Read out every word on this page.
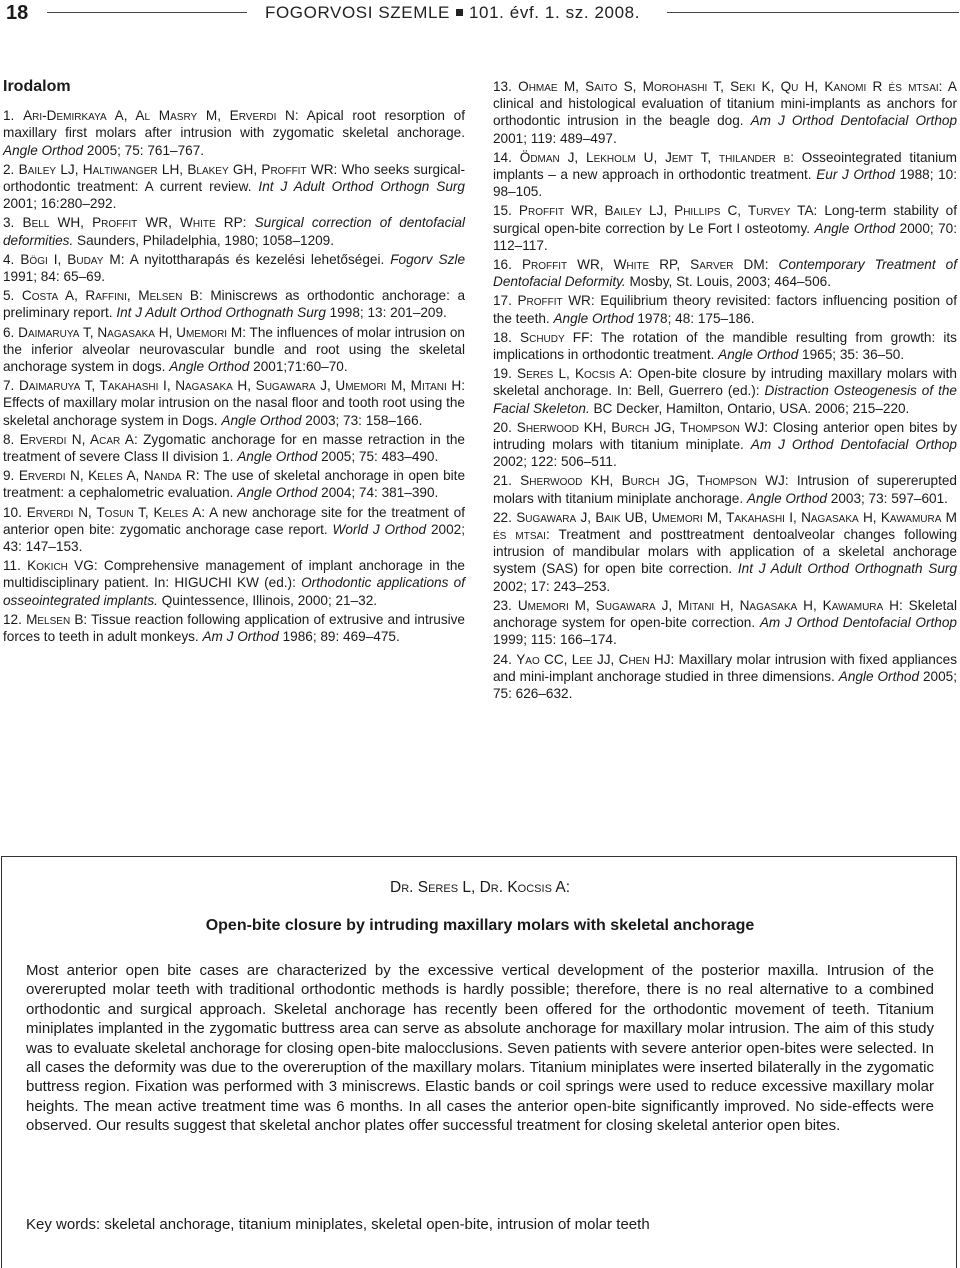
18	FOGORVOSI SZEMLE 101. évf. 1. sz. 2008.
Irodalom
1. Ari-Demirkaya A, Al Masry M, Erverdi N: Apical root resorption of maxillary first molars after intrusion with zygomatic skeletal anchorage. Angle Orthod 2005; 75: 761–767.
2. Bailey LJ, Haltiwanger LH, Blakey GH, Proffit WR: Who seeks surgical-orthodontic treatment: A current review. Int J Adult Orthod Orthogn Surg 2001; 16:280–292.
3. Bell WH, Proffit WR, White RP: Surgical correction of dentofacial deformities. Saunders, Philadelphia, 1980; 1058–1209.
4. Bögi I, Buday M: A nyitottharapás és kezelési lehetőségei. Fogorv Szle 1991; 84: 65–69.
5. Costa A, Raffini, Melsen B: Miniscrews as orthodontic anchorage: a preliminary report. Int J Adult Orthod Orthognath Surg 1998; 13: 201–209.
6. Daimaruya T, Nagasaka H, Umemori M: The influences of molar intrusion on the inferior alveolar neurovascular bundle and root using the skeletal anchorage system in dogs. Angle Orthod 2001;71:60–70.
7. Daimaruya T, Takahashi I, Nagasaka H, Sugawara J, Umemori M, Mitani H: Effects of maxillary molar intrusion on the nasal floor and tooth root using the skeletal anchorage system in Dogs. Angle Orthod 2003; 73: 158–166.
8. Erverdi N, Acar A: Zygomatic anchorage for en masse retraction in the treatment of severe Class II division 1. Angle Orthod 2005; 75: 483–490.
9. Erverdi N, Keles A, Nanda R: The use of skeletal anchorage in open bite treatment: a cephalometric evaluation. Angle Orthod 2004; 74: 381–390.
10. Erverdi N, Tosun T, Keles A: A new anchorage site for the treatment of anterior open bite: zygomatic anchorage case report. World J Orthod 2002; 43: 147–153.
11. Kokich VG: Comprehensive management of implant anchorage in the multidisciplinary patient. In: HIGUCHI KW (ed.): Orthodontic applications of osseointegrated implants. Quintessence, Illinois, 2000; 21–32.
12. Melsen B: Tissue reaction following application of extrusive and intrusive forces to teeth in adult monkeys. Am J Orthod 1986; 89: 469–475.
13. Ohmae M, Saito S, Morohashi T, Seki K, Qu H, Kanomi R és mtsai: A clinical and histological evaluation of titanium mini-implants as anchors for orthodontic intrusion in the beagle dog. Am J Orthod Dentofacial Orthop 2001; 119: 489–497.
14. Ödman J, Lekholm U, Jemt T, thilander b: Osseointegrated titanium implants – a new approach in orthodontic treatment. Eur J Orthod 1988; 10: 98–105.
15. Proffit WR, Bailey LJ, Phillips C, Turvey TA: Long-term stability of surgical open-bite correction by Le Fort I osteotomy. Angle Orthod 2000; 70: 112–117.
16. Proffit WR, White RP, Sarver DM: Contemporary Treatment of Dentofacial Deformity. Mosby, St. Louis, 2003; 464–506.
17. Proffit WR: Equilibrium theory revisited: factors influencing position of the teeth. Angle Orthod 1978; 48: 175–186.
18. Schudy FF: The rotation of the mandible resulting from growth: its implications in orthodontic treatment. Angle Orthod 1965; 35: 36–50.
19. Seres L, Kocsis A: Open-bite closure by intruding maxillary molars with skeletal anchorage. In: Bell, Guerrero (ed.): Distraction Osteogenesis of the Facial Skeleton. BC Decker, Hamilton, Ontario, USA. 2006; 215–220.
20. Sherwood KH, Burch JG, Thompson WJ: Closing anterior open bites by intruding molars with titanium miniplate. Am J Orthod Dentofacial Orthop 2002; 122: 506–511.
21. Sherwood KH, Burch JG, Thompson WJ: Intrusion of supererupted molars with titanium miniplate anchorage. Angle Orthod 2003; 73: 597–601.
22. Sugawara J, Baik UB, Umemori M, Takahashi I, Nagasaka H, Kawamura M és mtsai: Treatment and posttreatment dentoalveolar changes following intrusion of mandibular molars with application of a skeletal anchorage system (SAS) for open bite correction. Int J Adult Orthod Orthognath Surg 2002; 17: 243–253.
23. Umemori M, Sugawara J, Mitani H, Nagasaka H, Kawamura H: Skeletal anchorage system for open-bite correction. Am J Orthod Dentofacial Orthop 1999; 115: 166–174.
24. Yao CC, Lee JJ, Chen HJ: Maxillary molar intrusion with fixed appliances and mini-implant anchorage studied in three dimensions. Angle Orthod 2005; 75: 626–632.
Dr. Seres L, Dr. Kocsis A:
Open-bite closure by intruding maxillary molars with skeletal anchorage
Most anterior open bite cases are characterized by the excessive vertical development of the posterior maxilla. Intrusion of the overerupted molar teeth with traditional orthodontic methods is hardly possible; therefore, there is no real alternative to a combined orthodontic and surgical approach. Skeletal anchorage has recently been offered for the orthodontic movement of teeth. Titanium miniplates implanted in the zygomatic buttress area can serve as absolute anchorage for maxillary molar intrusion. The aim of this study was to evaluate skeletal anchorage for closing open-bite malocclusions. Seven patients with severe anterior open-bites were selected. In all cases the deformity was due to the overeruption of the maxillary molars. Titanium miniplates were inserted bilaterally in the zygomatic buttress region. Fixation was performed with 3 miniscrews. Elastic bands or coil springs were used to reduce excessive maxillary molar heights. The mean active treatment time was 6 months. In all cases the anterior open-bite significantly improved. No side-effects were observed. Our results suggest that skeletal anchor plates offer successful treatment for closing skeletal anterior open bites.
Key words: skeletal anchorage, titanium miniplates, skeletal open-bite, intrusion of molar teeth
